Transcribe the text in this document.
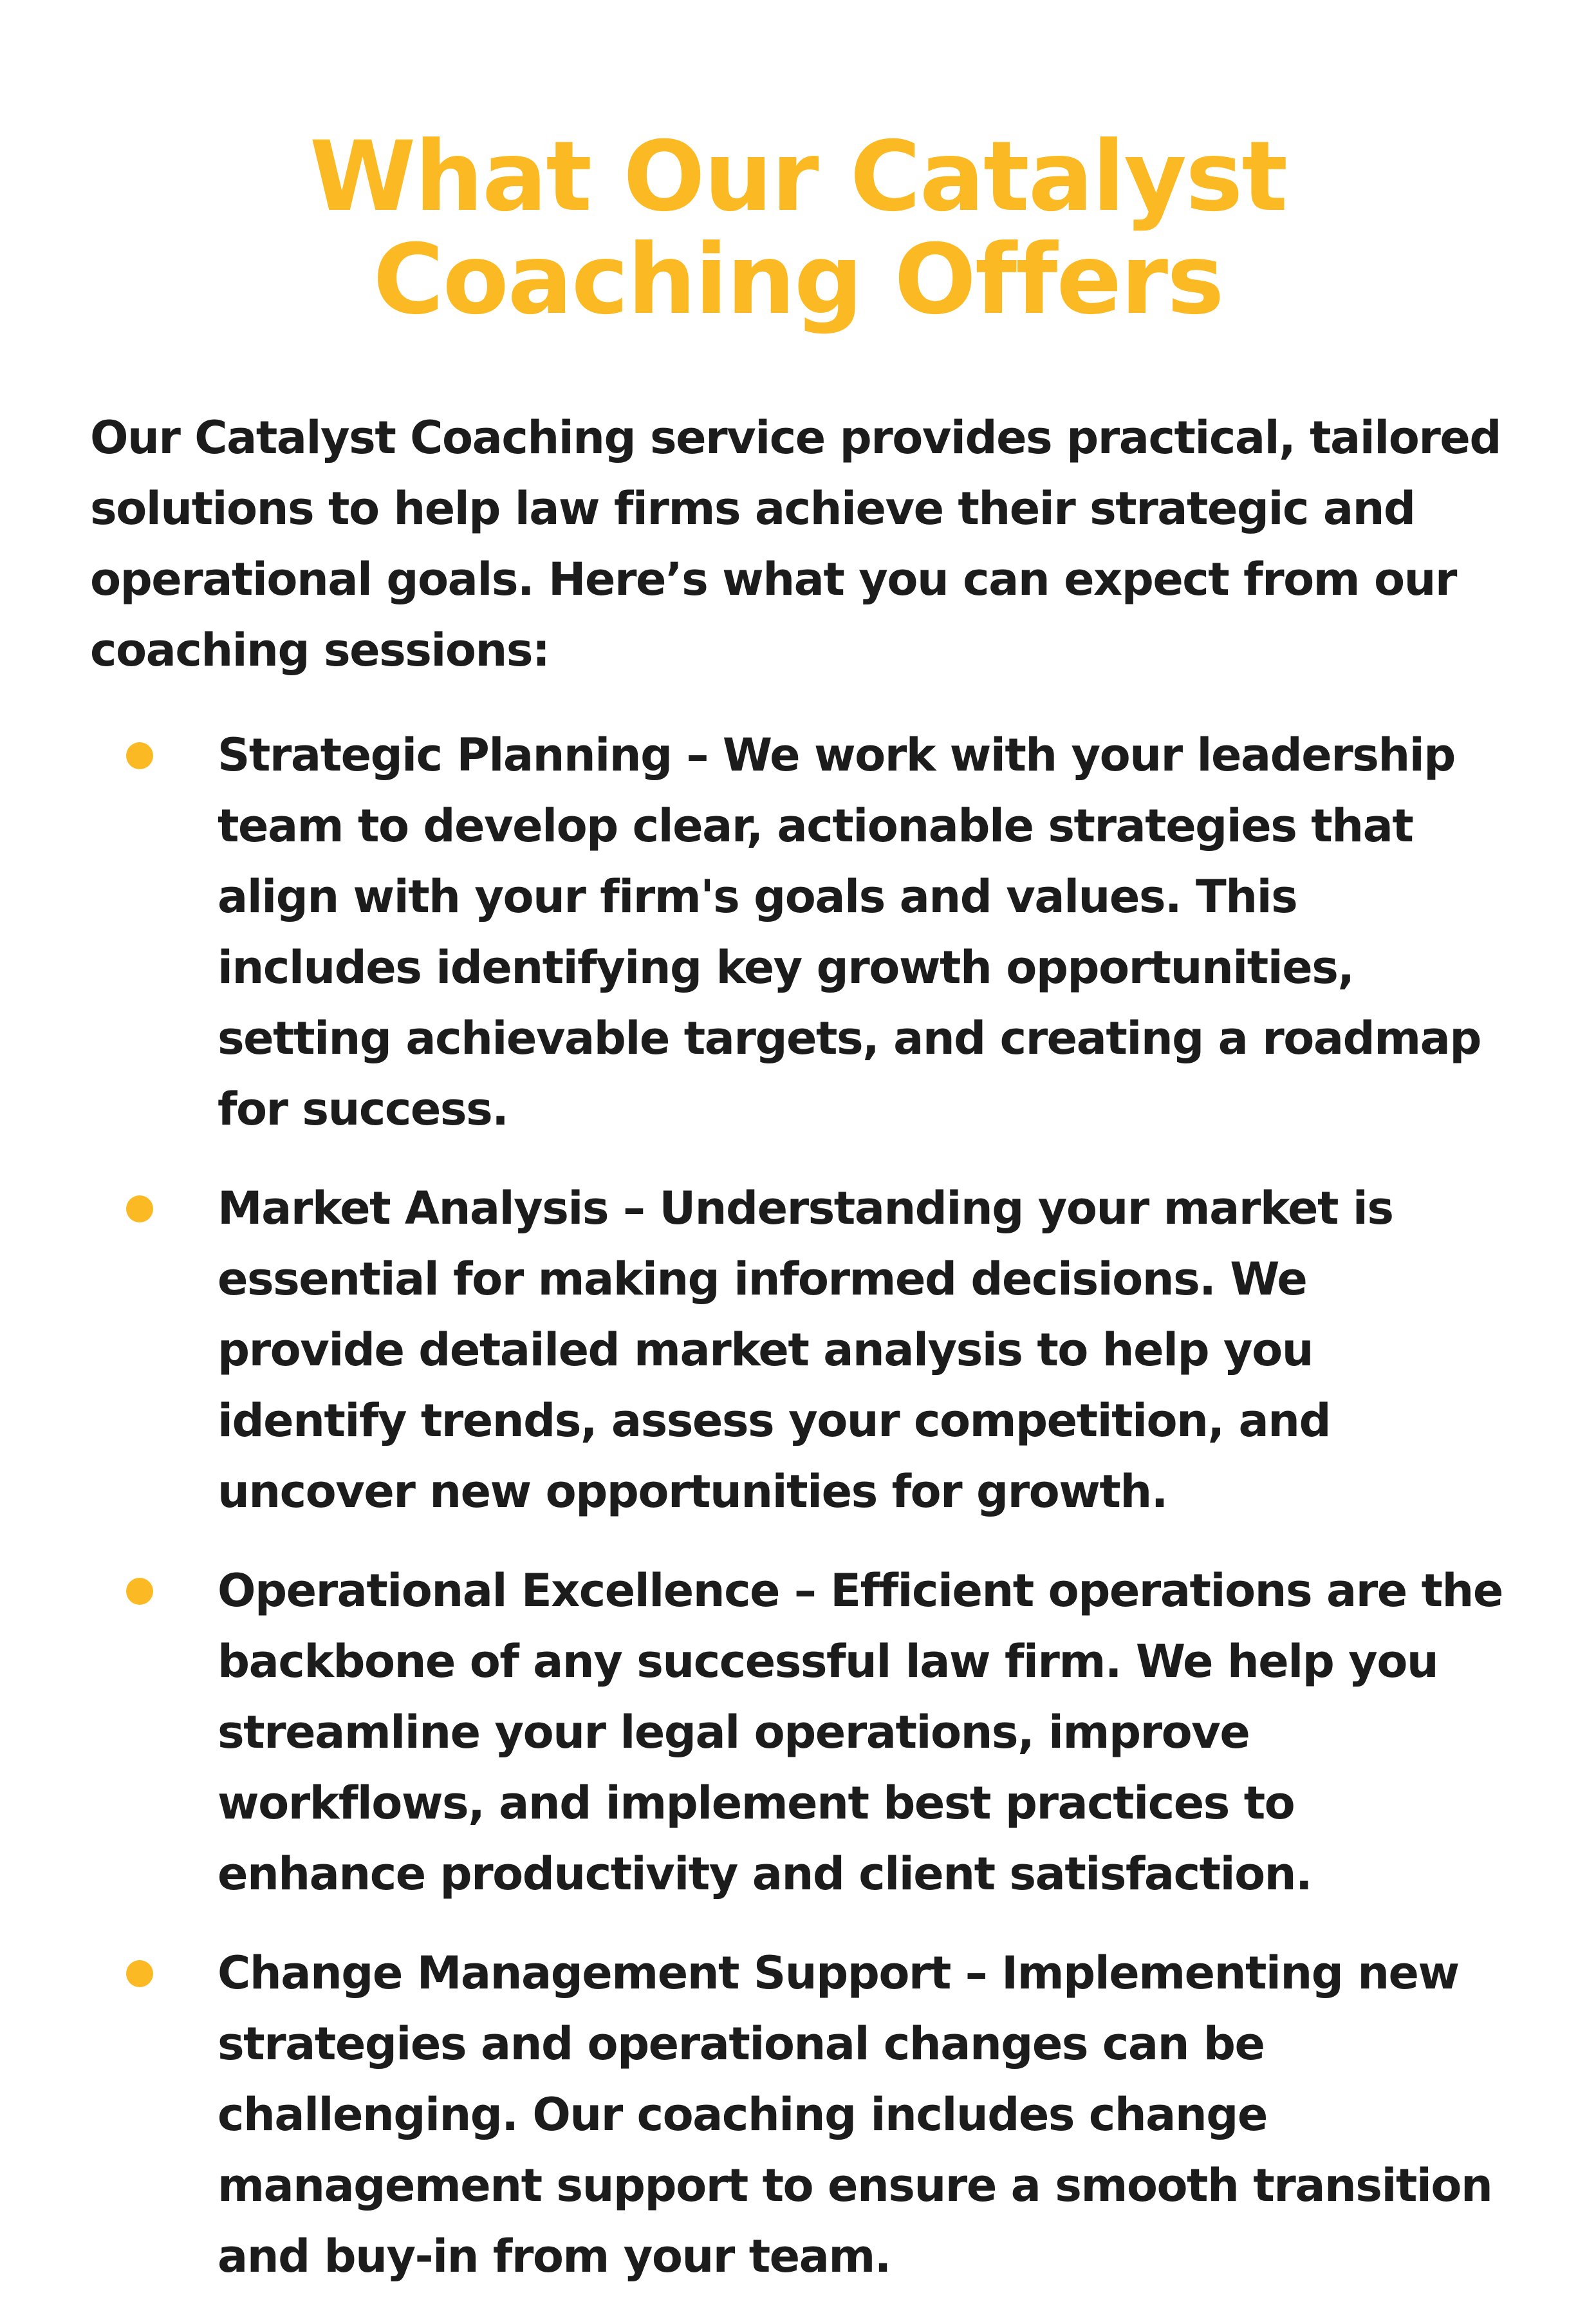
What Our Catalyst Coaching Offers

Our Catalyst Coaching service provides practical, tailored solutions to help law firms achieve their strategic and operational goals. Here’s what you can expect from our coaching sessions:

Strategic Planning – We work with your leadership team to develop clear, actionable strategies that align with your firm's goals and values. This includes identifying key growth opportunities, setting achievable targets, and creating a roadmap for success.
Market Analysis – Understanding your market is essential for making informed decisions. We provide detailed market analysis to help you identify trends, assess your competition, and uncover new opportunities for growth.
Operational Excellence – Efficient operations are the backbone of any successful law firm. We help you streamline your legal operations, improve workflows, and implement best practices to enhance productivity and client satisfaction.
Change Management Support – Implementing new strategies and operational changes can be challenging. Our coaching includes change management support to ensure a smooth transition and buy-in from your team.
